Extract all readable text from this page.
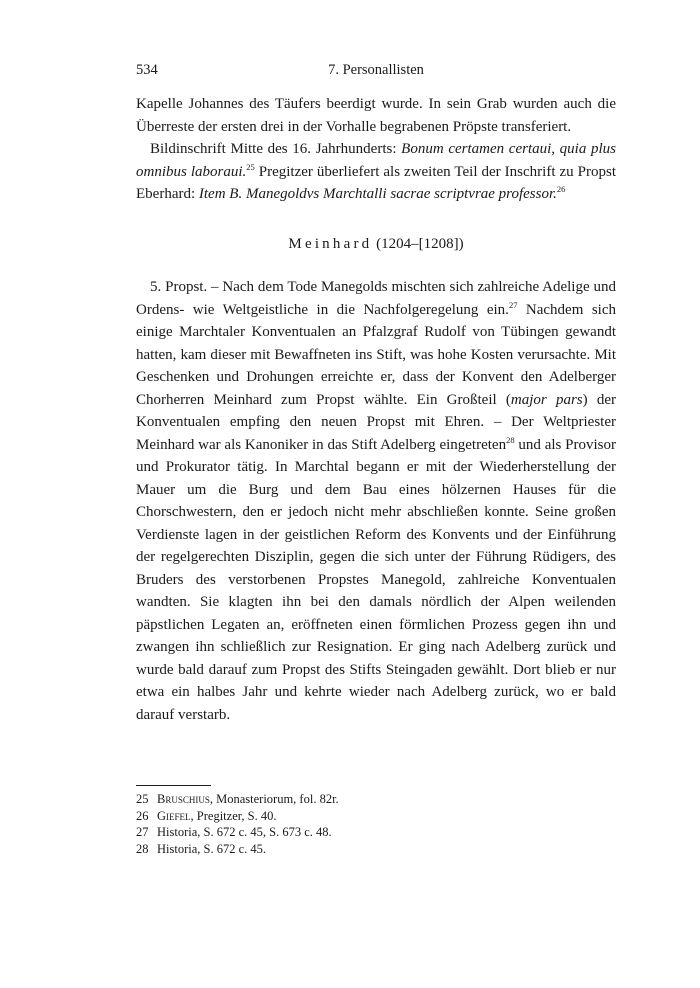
534	7. Personallisten

Kapelle Johannes des Täufers beerdigt wurde. In sein Grab wurden auch die Überreste der ersten drei in der Vorhalle begrabenen Pröpste transferiert.

Bildinschrift Mitte des 16. Jahrhunderts: Bonum certamen certaui, quia plus omnibus laboraui.$^{25}$ Pregitzer überliefert als zweiten Teil der Inschrift zu Propst Eberhard: Item B. Manegoldvs Marchtalli sacrae scriptvrae professor.$^{26}$

Meinhard (1204–[1208])

5. Propst. – Nach dem Tode Manegolds mischten sich zahlreiche Adelige und Ordens- wie Weltgeistliche in die Nachfolgeregelung ein.$^{27}$ Nachdem sich einige Marchtaler Konventualen an Pfalzgraf Rudolf von Tübingen gewandt hatten, kam dieser mit Bewaffneten ins Stift, was hohe Kosten verursachte. Mit Geschenken und Drohungen erreichte er, dass der Konvent den Adelberger Chorherren Meinhard zum Propst wählte. Ein Großteil (major pars) der Konventualen empfing den neuen Propst mit Ehren. – Der Weltpriester Meinhard war als Kanoniker in das Stift Adelberg eingetreten$^{28}$ und als Provisor und Prokurator tätig. In Marchtal begann er mit der Wiederherstellung der Mauer um die Burg und dem Bau eines hölzernen Hauses für die Chorschwestern, den er jedoch nicht mehr abschließen konnte. Seine großen Verdienste lagen in der geistlichen Reform des Konvents und der Einführung der regelgerechten Disziplin, gegen die sich unter der Führung Rüdigers, des Bruders des verstorbenen Propstes Manegold, zahlreiche Konventualen wandten. Sie klagten ihn bei den damals nördlich der Alpen weilenden päpstlichen Legaten an, eröffneten einen förmlichen Prozess gegen ihn und zwangen ihn schließlich zur Resignation. Er ging nach Adelberg zurück und wurde bald darauf zum Propst des Stifts Steingaden gewählt. Dort blieb er nur etwa ein halbes Jahr und kehrte wieder nach Adelberg zurück, wo er bald darauf verstarb.

25 Bruschius, Monasteriorum, fol. 82r.
26 Giefel, Pregitzer, S. 40.
27 Historia, S. 672 c. 45, S. 673 c. 48.
28 Historia, S. 672 c. 45.
